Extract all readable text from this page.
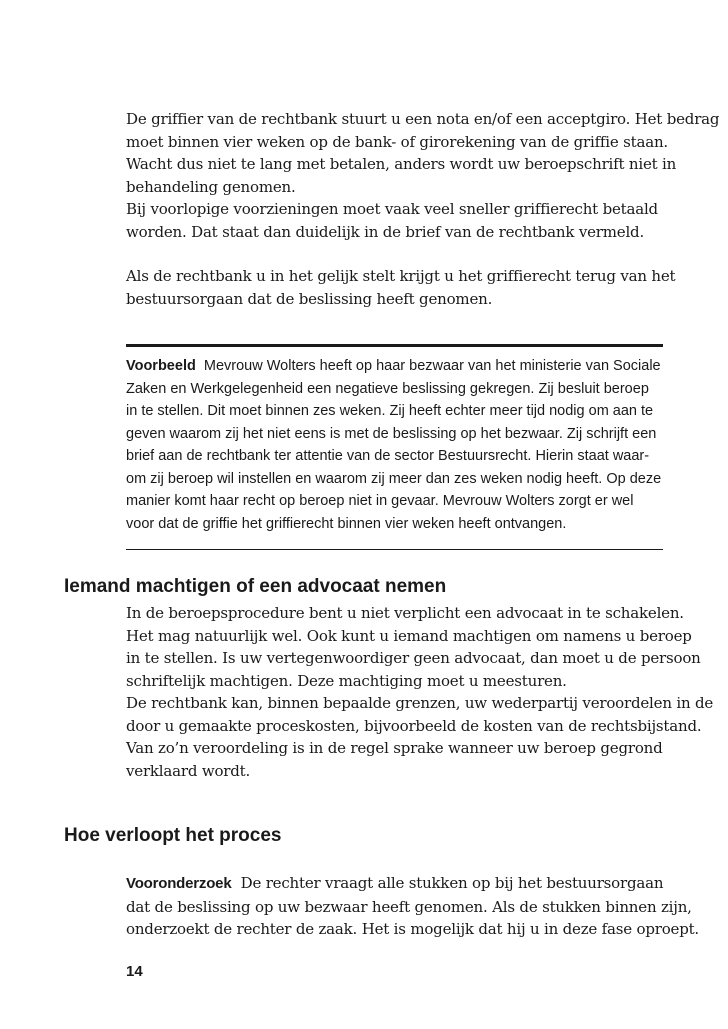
De griffier van de rechtbank stuurt u een nota en/of een acceptgiro. Het bedrag
moet binnen vier weken op de bank- of girorekening van de griffie staan.
Wacht dus niet te lang met betalen, anders wordt uw beroepschrift niet in
behandeling genomen.
Bij voorlopige voorzieningen moet vaak veel sneller griffierecht betaald
worden. Dat staat dan duidelijk in de brief van de rechtbank vermeld.
Als de rechtbank u in het gelijk stelt krijgt u het griffierecht terug van het
bestuursorgaan dat de beslissing heeft genomen.
Voorbeeld Mevrouw Wolters heeft op haar bezwaar van het ministerie van Sociale
Zaken en Werkgelegenheid een negatieve beslissing gekregen. Zij besluit beroep
in te stellen. Dit moet binnen zes weken. Zij heeft echter meer tijd nodig om aan te
geven waarom zij het niet eens is met de beslissing op het bezwaar. Zij schrijft een
brief aan de rechtbank ter attentie van de sector Bestuursrecht. Hierin staat waar-
om zij beroep wil instellen en waarom zij meer dan zes weken nodig heeft. Op deze
manier komt haar recht op beroep niet in gevaar. Mevrouw Wolters zorgt er wel
voor dat de griffie het griffierecht binnen vier weken heeft ontvangen.
Iemand machtigen of een advocaat nemen
In de beroepsprocedure bent u niet verplicht een advocaat in te schakelen.
Het mag natuurlijk wel. Ook kunt u iemand machtigen om namens u beroep
in te stellen. Is uw vertegenwoordiger geen advocaat, dan moet u de persoon
schriftelijk machtigen. Deze machtiging moet u meesturen.
De rechtbank kan, binnen bepaalde grenzen, uw wederpartij veroordelen in de
door u gemaakte proceskosten, bijvoorbeeld de kosten van de rechtsbijstand.
Van zo’n veroordeling is in de regel sprake wanneer uw beroep gegrond
verklaard wordt.
Hoe verloopt het proces
Vooronderzoek De rechter vraagt alle stukken op bij het bestuursorgaan
dat de beslissing op uw bezwaar heeft genomen. Als de stukken binnen zijn,
onderzoekt de rechter de zaak. Het is mogelijk dat hij u in deze fase oproept.
14
